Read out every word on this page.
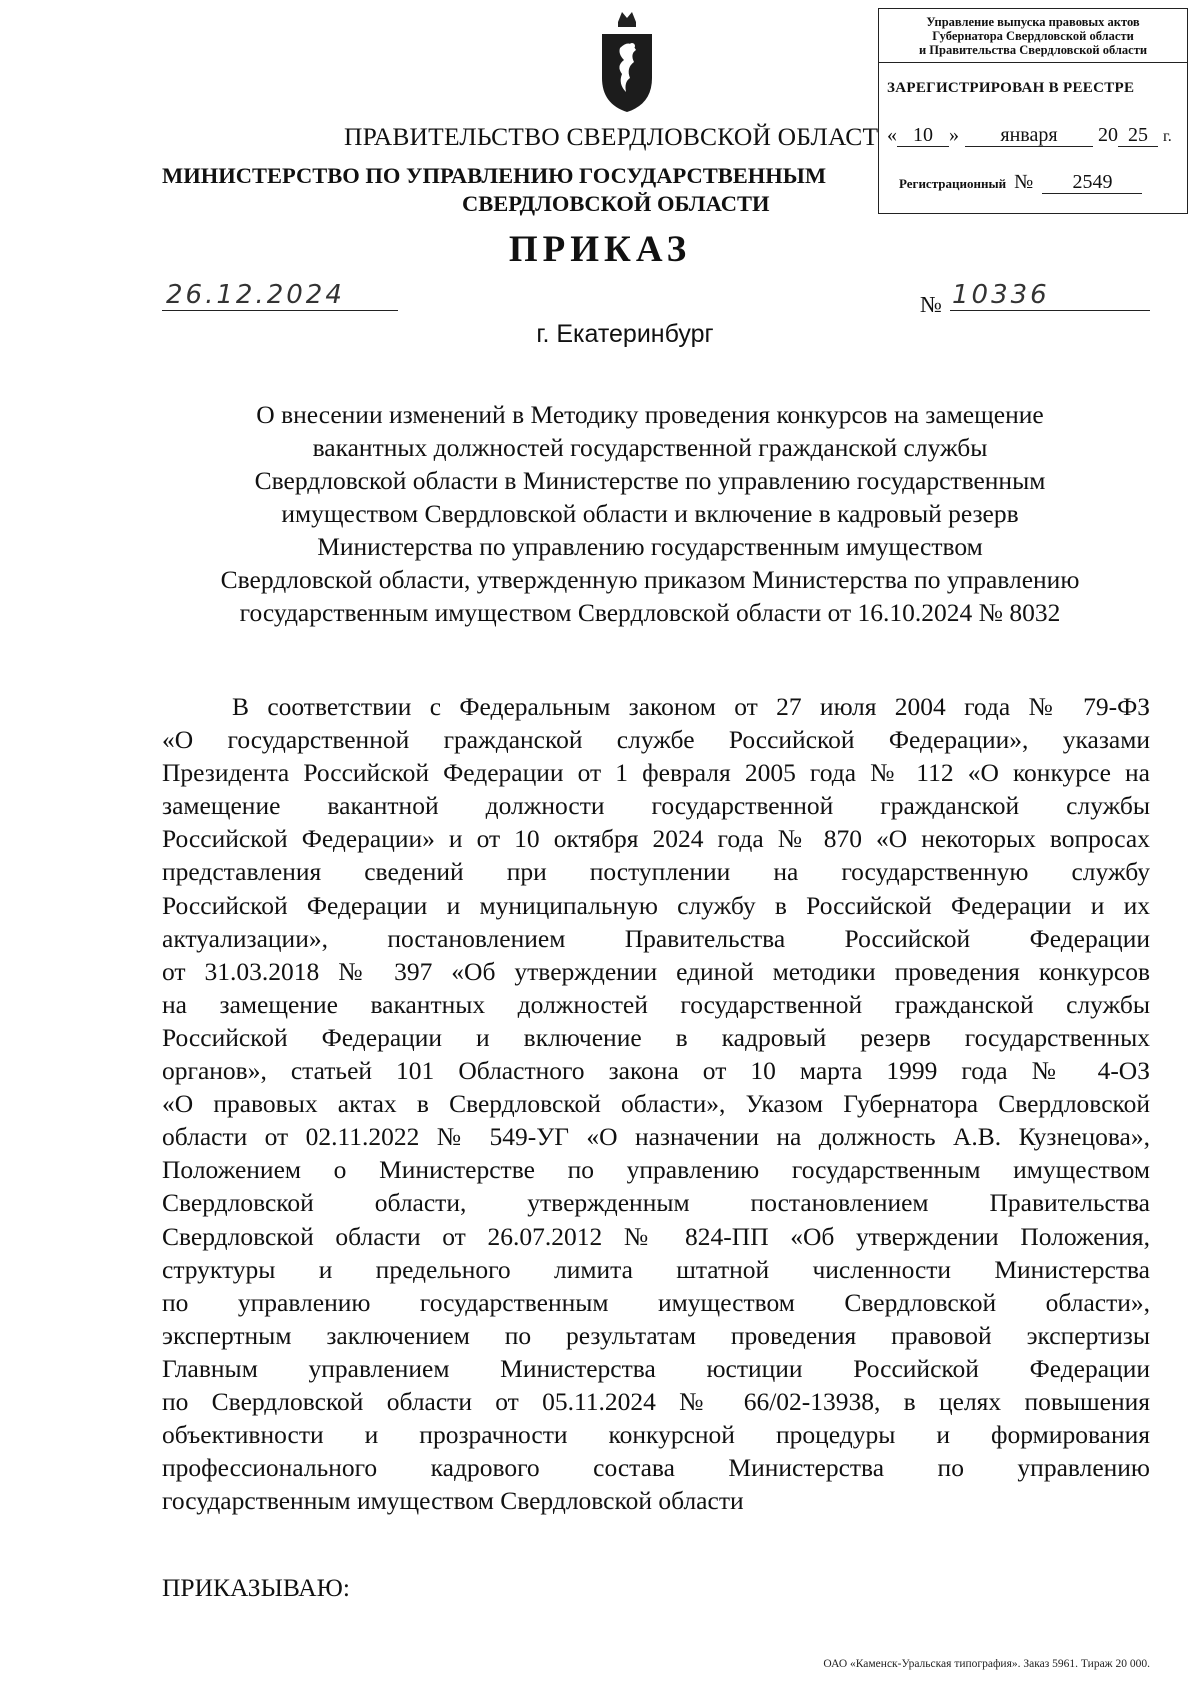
Управление выпуска правовых актов
Губернатора Свердловской области
и Правительства Свердловской области
ЗАРЕГИСТРИРОВАН В РЕЕСТРЕ
« 10 » января 20 25 г.
Регистрационный № 2549
ПРАВИТЕЛЬСТВО СВЕРДЛОВСКОЙ ОБЛАСТ
МИНИСТЕРСТВО ПО УПРАВЛЕНИЮ ГОСУДАРСТВЕННЫМ
СВЕРДЛОВСКОЙ ОБЛАСТИ
ПРИКАЗ
26.12.2024	№ 10336
г. Екатеринбург
О внесении изменений в Методику проведения конкурсов на замещение
вакантных должностей государственной гражданской службы
Свердловской области в Министерстве по управлению государственным
имуществом Свердловской области и включение в кадровый резерв
Министерства по управлению государственным имуществом
Свердловской области, утвержденную приказом Министерства по управлению
государственным имуществом Свердловской области от 16.10.2024 № 8032
В соответствии с Федеральным законом от 27 июля 2004 года № 79-ФЗ
«О государственной гражданской службе Российской Федерации», указами
Президента Российской Федерации от 1 февраля 2005 года № 112 «О конкурсе на
замещение вакантной должности государственной гражданской службы
Российской Федерации» и от 10 октября 2024 года № 870 «О некоторых вопросах
представления сведений при поступлении на государственную службу
Российской Федерации и муниципальную службу в Российской Федерации и их
актуализации», постановлением Правительства Российской Федерации
от 31.03.2018 № 397 «Об утверждении единой методики проведения конкурсов
на замещение вакантных должностей государственной гражданской службы
Российской Федерации и включение в кадровый резерв государственных
органов», статьей 101 Областного закона от 10 марта 1999 года № 4-ОЗ
«О правовых актах в Свердловской области», Указом Губернатора Свердловской
области от 02.11.2022 № 549-УГ «О назначении на должность А.В. Кузнецова»,
Положением о Министерстве по управлению государственным имуществом
Свердловской области, утвержденным постановлением Правительства
Свердловской области от 26.07.2012 № 824-ПП «Об утверждении Положения,
структуры и предельного лимита штатной численности Министерства
по управлению государственным имуществом Свердловской области»,
экспертным заключением по результатам проведения правовой экспертизы
Главным управлением Министерства юстиции Российской Федерации
по Свердловской области от 05.11.2024 № 66/02-13938, в целях повышения
объективности и прозрачности конкурсной процедуры и формирования
профессионального кадрового состава Министерства по управлению
государственным имуществом Свердловской области
ПРИКАЗЫВАЮ:
ОАО «Каменск-Уральская типография». Заказ 5961. Тираж 20 000.
